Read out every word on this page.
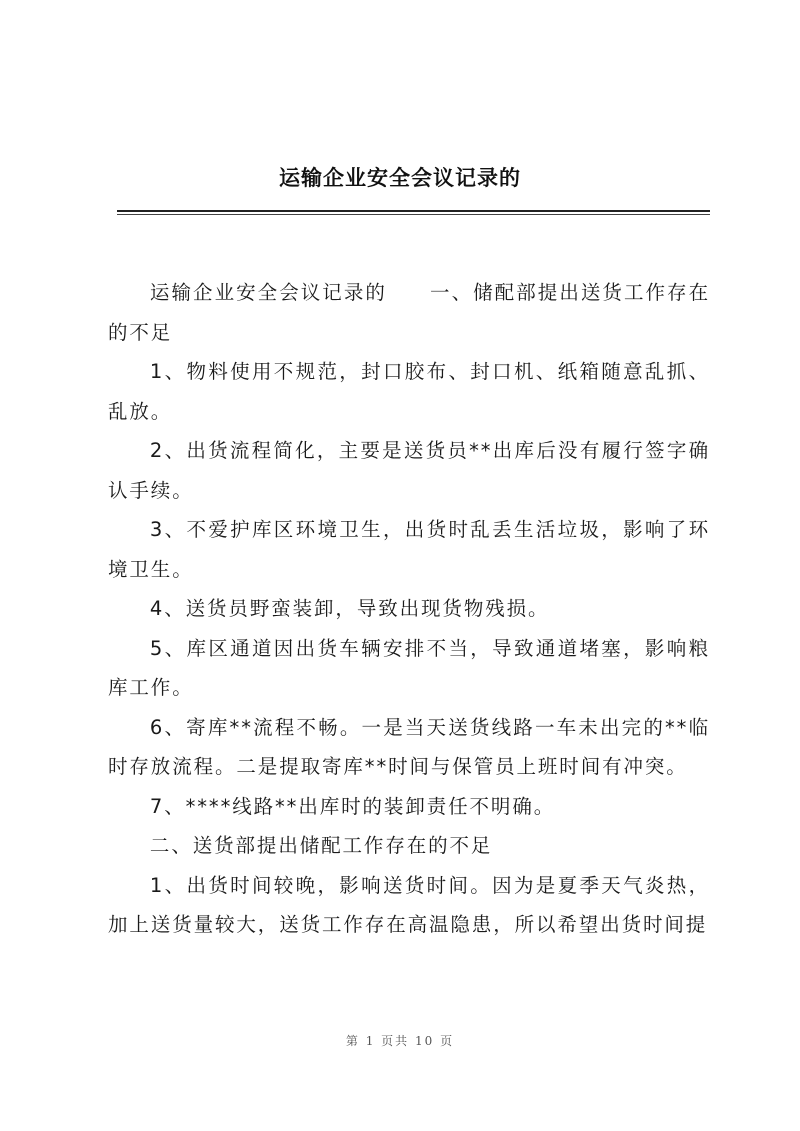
运输企业安全会议记录的

运输企业安全会议记录的　　一、储配部提出送货工作存在的不足

1、物料使用不规范，封口胶布、封口机、纸箱随意乱抓、乱放。

2、出货流程简化，主要是送货员**出库后没有履行签字确认手续。

3、不爱护库区环境卫生，出货时乱丢生活垃圾，影响了环境卫生。

4、送货员野蛮装卸，导致出现货物残损。

5、库区通道因出货车辆安排不当，导致通道堵塞，影响粮库工作。

6、寄库**流程不畅。一是当天送货线路一车未出完的**临时存放流程。二是提取寄库**时间与保管员上班时间有冲突。

7、****线路**出库时的装卸责任不明确。

二、送货部提出储配工作存在的不足

1、出货时间较晚，影响送货时间。因为是夏季天气炎热，加上送货量较大，送货工作存在高温隐患，所以希望出货时间提

第 1 页共 10 页
